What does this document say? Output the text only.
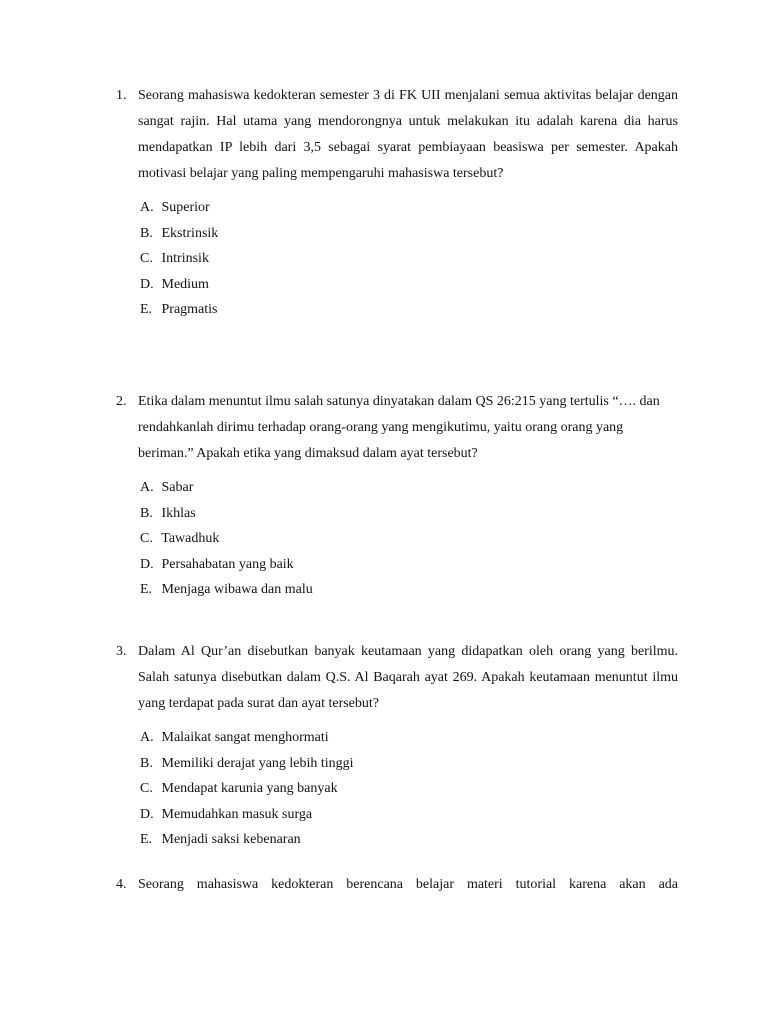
1. Seorang mahasiswa kedokteran semester 3 di FK UII menjalani semua aktivitas belajar dengan sangat rajin. Hal utama yang mendorongnya untuk melakukan itu adalah karena dia harus mendapatkan IP lebih dari 3,5 sebagai syarat pembiayaan beasiswa per semester. Apakah motivasi belajar yang paling mempengaruhi mahasiswa tersebut?
A. Superior
B. Ekstrinsik
C. Intrinsik
D. Medium
E. Pragmatis
2. Etika dalam menuntut ilmu salah satunya dinyatakan dalam QS 26:215 yang tertulis “…. dan rendahkanlah dirimu terhadap orang-orang yang mengikutimu, yaitu orang orang yang beriman.” Apakah etika yang dimaksud dalam ayat tersebut?
A. Sabar
B. Ikhlas
C. Tawadhuk
D. Persahabatan yang baik
E. Menjaga wibawa dan malu
3. Dalam Al Qur’an disebutkan banyak keutamaan yang didapatkan oleh orang yang berilmu. Salah satunya disebutkan dalam Q.S. Al Baqarah ayat 269. Apakah keutamaan menuntut ilmu yang terdapat pada surat dan ayat tersebut?
A. Malaikat sangat menghormati
B. Memiliki derajat yang lebih tinggi
C. Mendapat karunia yang banyak
D. Memudahkan masuk surga
E. Menjadi saksi kebenaran
4. Seorang mahasiswa kedokteran berencana belajar materi tutorial karena akan ada
